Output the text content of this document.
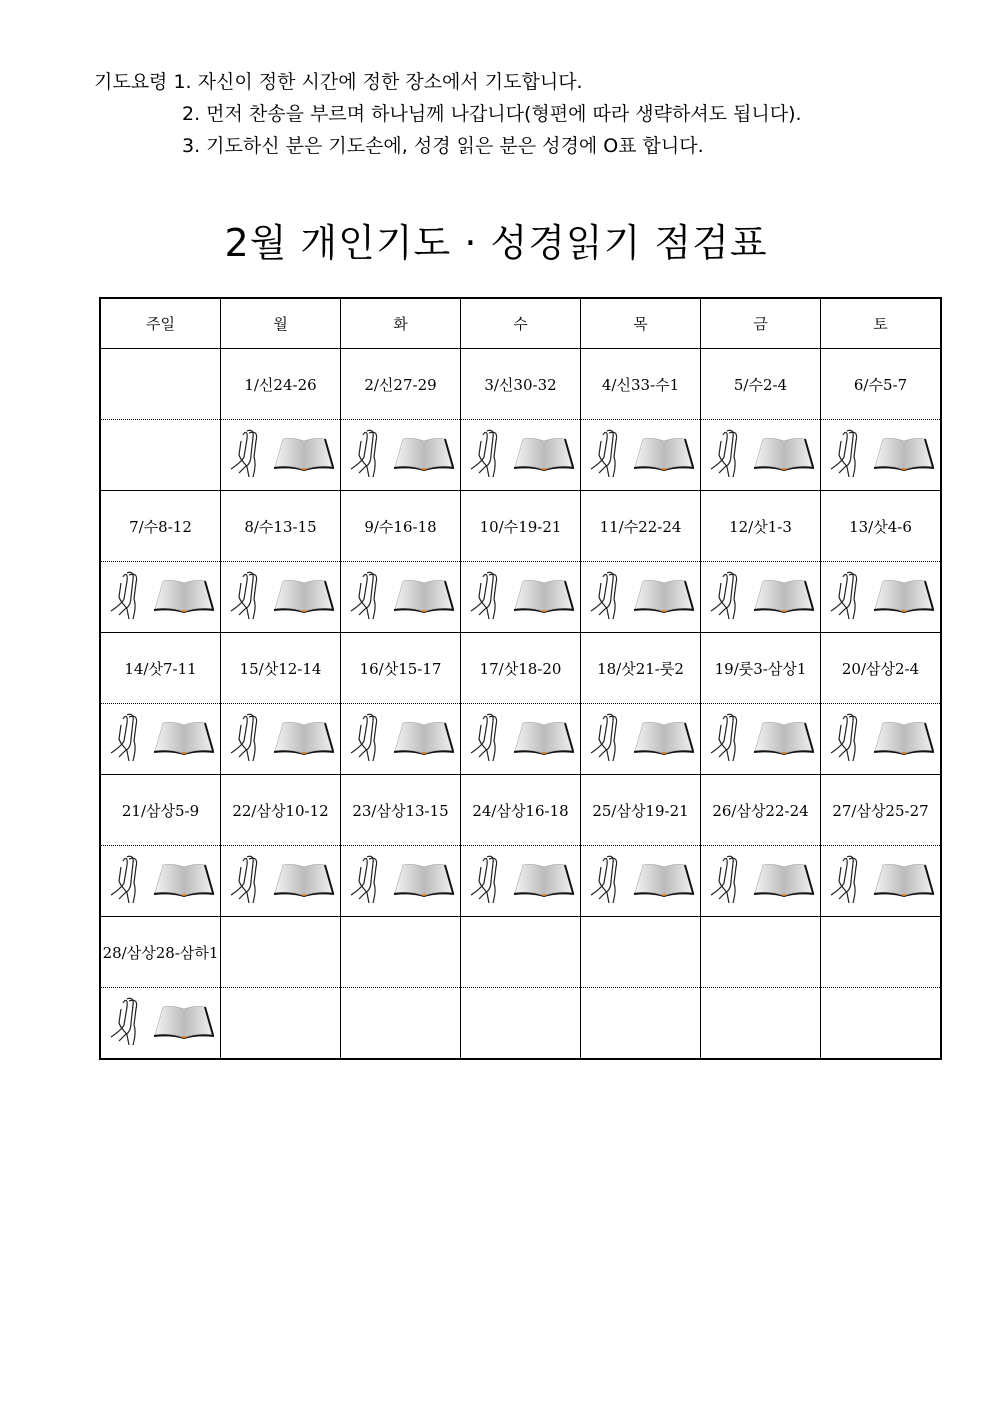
기도요령 1. 자신이 정한 시간에 정한 장소에서 기도합니다.
2. 먼저 찬송을 부르며 하나님께 나갑니다(형편에 따라 생략하셔도 됩니다).
3. 기도하신 분은 기도손에, 성경 읽은 분은 성경에 O표 합니다.
2월 개인기도 · 성경읽기 점검표
주일	월	화	수	목	금	토
	1/신24-26	2/신27-29	3/신30-32	4/신33-수1	5/수2-4	6/수5-7

7/수8-12	8/수13-15	9/수16-18	10/수19-21	11/수22-24	12/삿1-3	13/삿4-6

14/삿7-11	15/삿12-14	16/삿15-17	17/삿18-20	18/삿21-룻2	19/룻3-삼상1	20/삼상2-4

21/삼상5-9	22/삼상10-12	23/삼상13-15	24/삼상16-18	25/삼상19-21	26/삼상22-24	27/삼상25-27

28/삼상28-삼하1						
